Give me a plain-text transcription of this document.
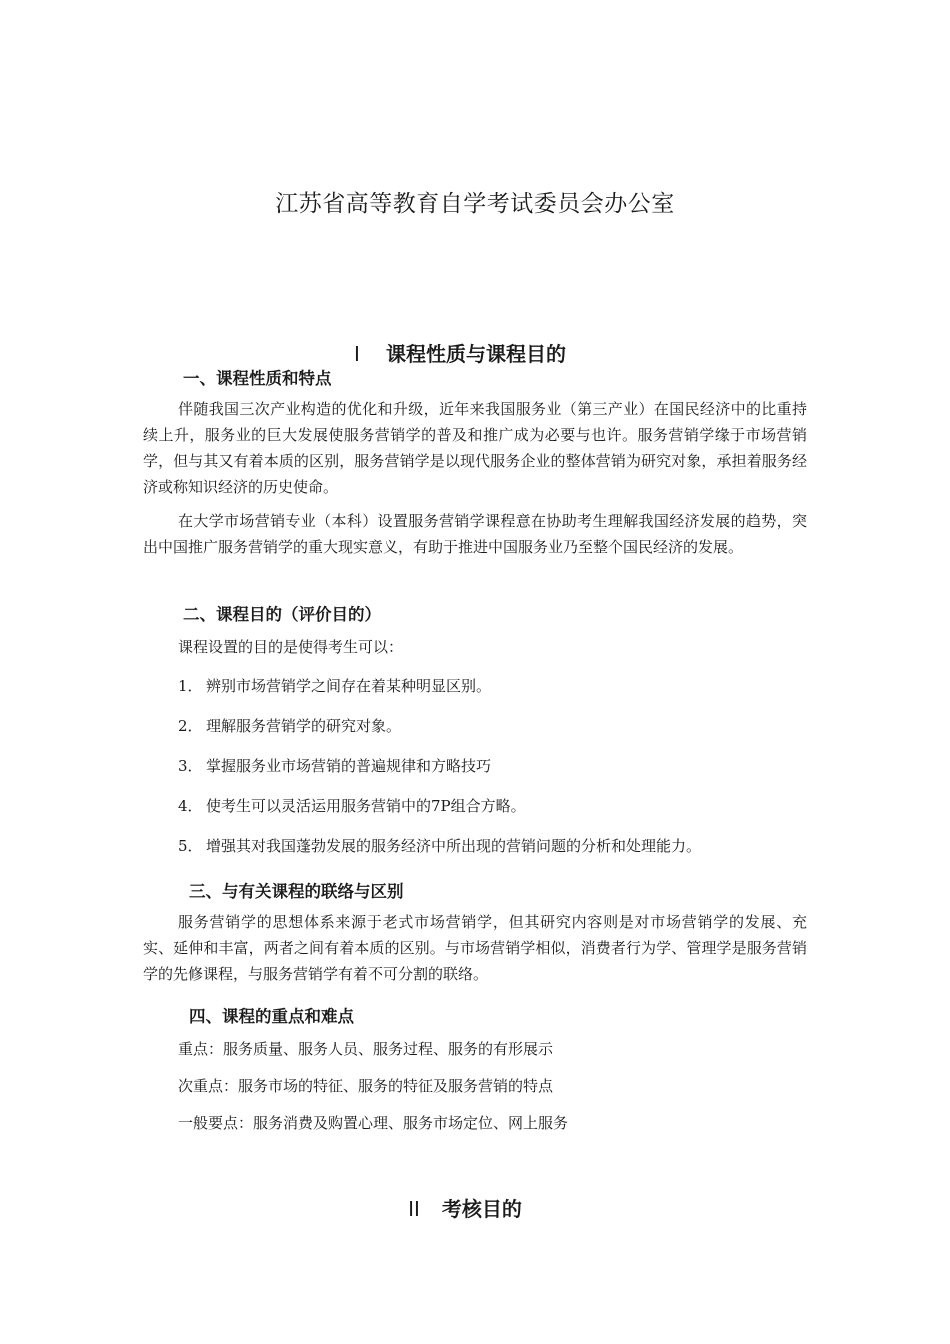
江苏省高等教育自学考试委员会办公室
I 课程性质与课程目的
一、课程性质和特点
伴随我国三次产业构造的优化和升级，近年来我国服务业（第三产业）在国民经济中的比重持续上升，服务业的巨大发展使服务营销学的普及和推广成为必要与也许。服务营销学缘于市场营销学，但与其又有着本质的区别，服务营销学是以现代服务企业的整体营销为研究对象，承担着服务经济或称知识经济的历史使命。
在大学市场营销专业（本科）设置服务营销学课程意在协助考生理解我国经济发展的趋势，突出中国推广服务营销学的重大现实意义，有助于推进中国服务业乃至整个国民经济的发展。
二、课程目的（评价目的）
课程设置的目的是使得考生可以：
1． 辨别市场营销学之间存在着某种明显区别。
2． 理解服务营销学的研究对象。
3． 掌握服务业市场营销的普遍规律和方略技巧
4． 使考生可以灵活运用服务营销中的7P组合方略。
5． 增强其对我国蓬勃发展的服务经济中所出现的营销问题的分析和处理能力。
三、与有关课程的联络与区别
服务营销学的思想体系来源于老式市场营销学，但其研究内容则是对市场营销学的发展、充实、延伸和丰富，两者之间有着本质的区别。与市场营销学相似，消费者行为学、管理学是服务营销学的先修课程，与服务营销学有着不可分割的联络。
四、课程的重点和难点
重点：服务质量、服务人员、服务过程、服务的有形展示
次重点：服务市场的特征、服务的特征及服务营销的特点
一般要点：服务消费及购置心理、服务市场定位、网上服务
II 考核目的
